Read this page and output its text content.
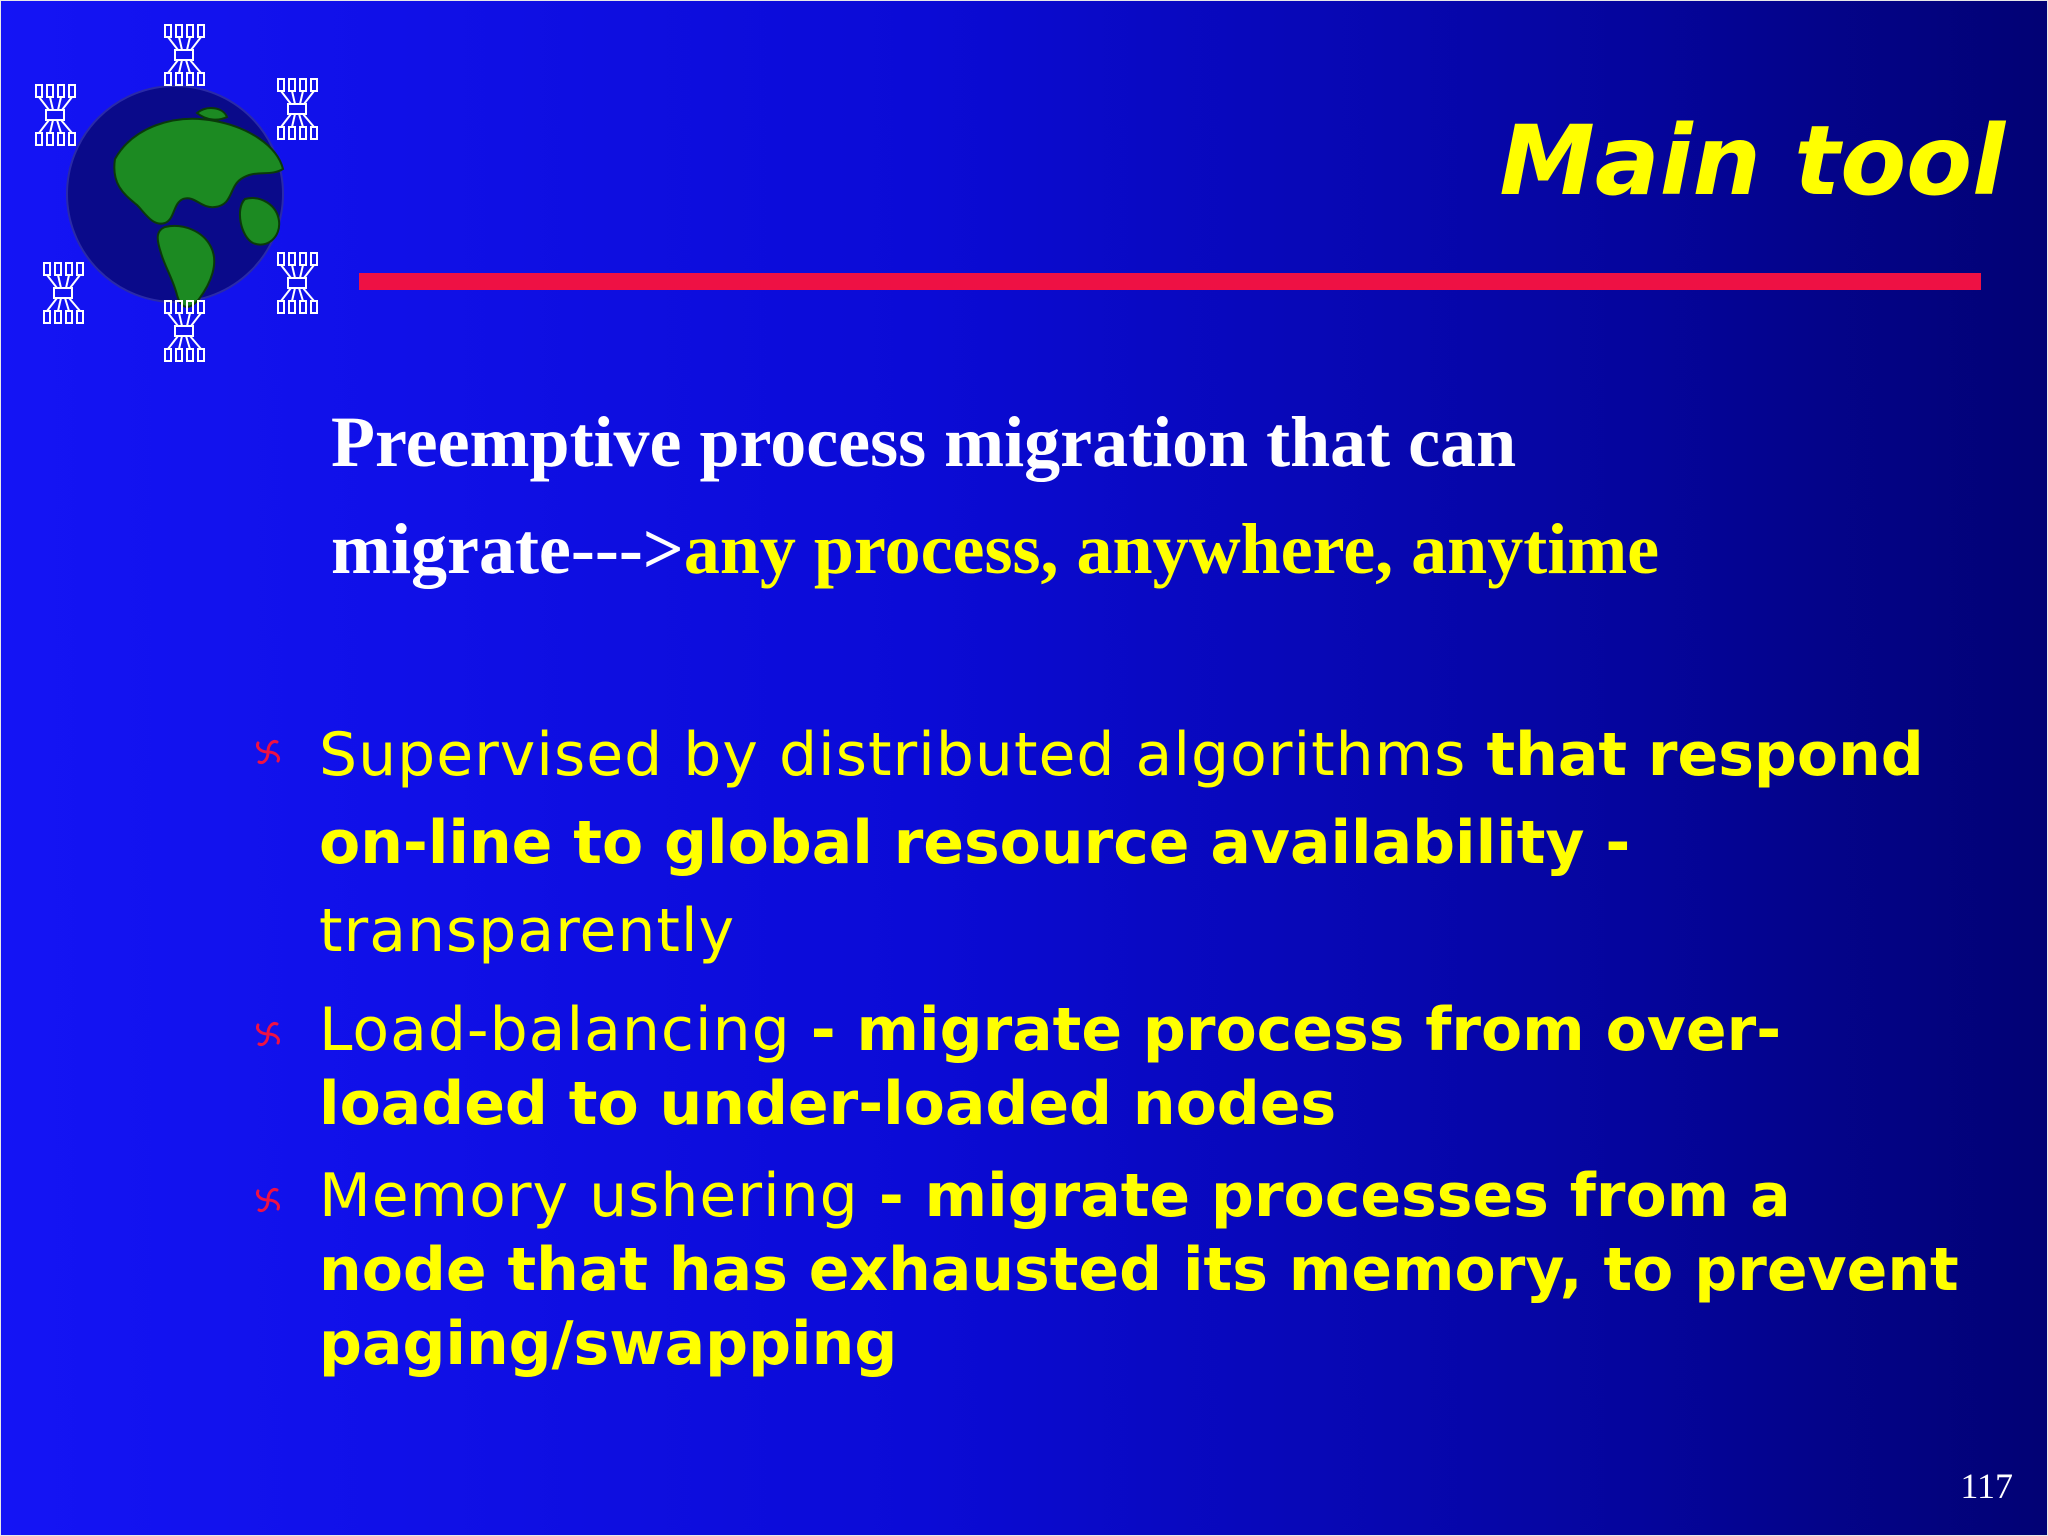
Main tool
Preemptive process migration that can
migrate--->any process, anywhere, anytime
Supervised by distributed algorithms that respond on-line to global resource availability - transparently
Load-balancing - migrate process from over-loaded to under-loaded nodes
Memory ushering - migrate processes from a node that has exhausted its memory, to prevent paging/swapping
117
